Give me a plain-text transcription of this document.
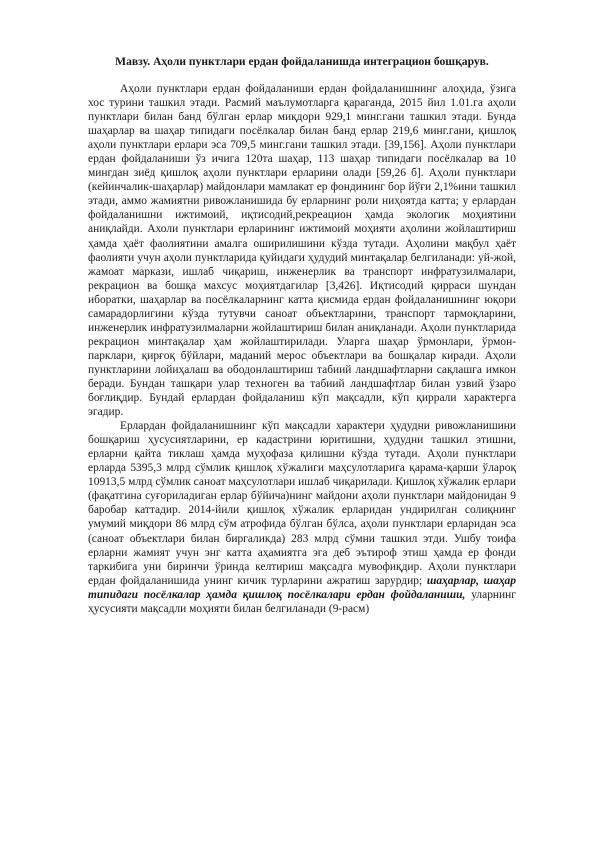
Мавзу. Аҳоли пунктлари ердан фойдаланишда интеграцион бошқарув.

Аҳоли пунктлари ердан фойдаланиши ердан фойдаланишнинг алоҳида, ўзига хос турини ташкил этади. Расмий маълумотларга қараганда, 2015 йил 1.01.га аҳоли пунктлари билан банд бўлган ерлар миқдори 929,1 минг.гани ташкил этади. Бунда шаҳарлар ва шаҳар типидаги посёлкалар билан банд ерлар 219,6 минг.гани, қишлоқ аҳоли пунктлари ерлари эса 709,5 минг.гани ташкил этади. [39,156]. Аҳоли пунктлари ердан фойдаланиши ўз ичига 120та шаҳар, 113 шаҳар типидаги посёлкалар ва 10 мингдан зиёд қишлоқ аҳоли пунктлари ерларини олади [59,26 б]. Аҳоли пунктлари (кейинчалик-шаҳарлар) майдонлари мамлакат ер фондининг бор йўғи 2,1%ини ташкил этади, аммо жамиятни ривожланишида бу ерларнинг роли ниҳоятда катта; у ерлардан фойдаланишни ижтимоий, иқтисодий,рекреацион ҳамда экологик моҳиятини аниқлайди. Ахоли пунктлари ерларининг ижтимоий моҳияти аҳолини жойлаштириш ҳамда ҳаёт фаолиятини амалга оширилишини кўзда тутади. Аҳолини мақбул ҳаёт фаолияти учун аҳоли пунктларида қуйидаги ҳудудий минтақалар белгиланади: уй-жой, жамоат маркази, ишлаб чиқариш, инженерлик ва транспорт инфратузилмалари, рекрацион ва бошқа махсус моҳиятдагилар [3,426]. Иқтисодий қирраси шундан иборатки, шаҳарлар ва посёлкаларнинг катта қисмида ердан фойдаланишнинг юқори самарадорлигини кўзда тутувчи саноат объектларини, транспорт тармоқларини, инженерлик инфратузилмаларни жойлаштириш билан аниқланади. Аҳоли пунктларида рекрацион минтақалар ҳам жойлаштирилади. Уларга шаҳар ўрмонлари, ўрмон-парклари, қирғоқ бўйлари, маданий мерос объектлари ва бошқалар киради. Аҳоли пунктларини лойиҳалаш ва ободонлаштириш табиий ландшафтларни сақлашга имкон беради. Бундан ташқари улар техноген ва табиий ландшафтлар билан узвий ўзаро боғлиқдир. Бундай ерлардан фойдаланиш кўп мақсадли, кўп қиррали характерга эгадир.

Ерлардан фойдаланишнинг кўп мақсадли характери ҳудудни ривожланишини бошқариш ҳусусиятларини, ер кадастрини юритишни, ҳудудни ташкил этишни, ерларни қайта тиклаш ҳамда муҳофаза қилишни кўзда тутади. Аҳоли пунктлари ерларда 5395,3 млрд сўмлик қишлоқ хўжалиги маҳсулотларига қарама-қарши ўлароқ 10913,5 млрд сўмлик саноат маҳсулотлари ишлаб чиқарилади. Қишлоқ хўжалик ерлари (фақатгина суғориладиган ерлар бўйича)нинг майдони аҳоли пунктлари майдонидан 9 баробар каттадир. 2014-йили қишлоқ хўжалик ерларидан ундирилган солиқнинг умумий миқдори 86 млрд сўм атрофида бўлган бўлса, аҳоли пунктлари ерларидан эса (саноат объектлари билан биргаликда) 283 млрд сўмни ташкил этди. Ушбу тоифа ерларни жамият учун энг катта аҳамиятга эга деб эътироф этиш ҳамда ер фонди таркибига уни биринчи ўринда келтириш мақсадга мувофиқдир. Аҳоли пунктлари ердан фойдаланишида унинг кичик турларини ажратиш зарурдир; шаҳарлар, шаҳар типидаги посёлкалар ҳамда қишлоқ посёлкалари ердан фойдаланиши, уларнинг ҳусусияти мақсадли моҳияти билан белгиланади (9-расм)
